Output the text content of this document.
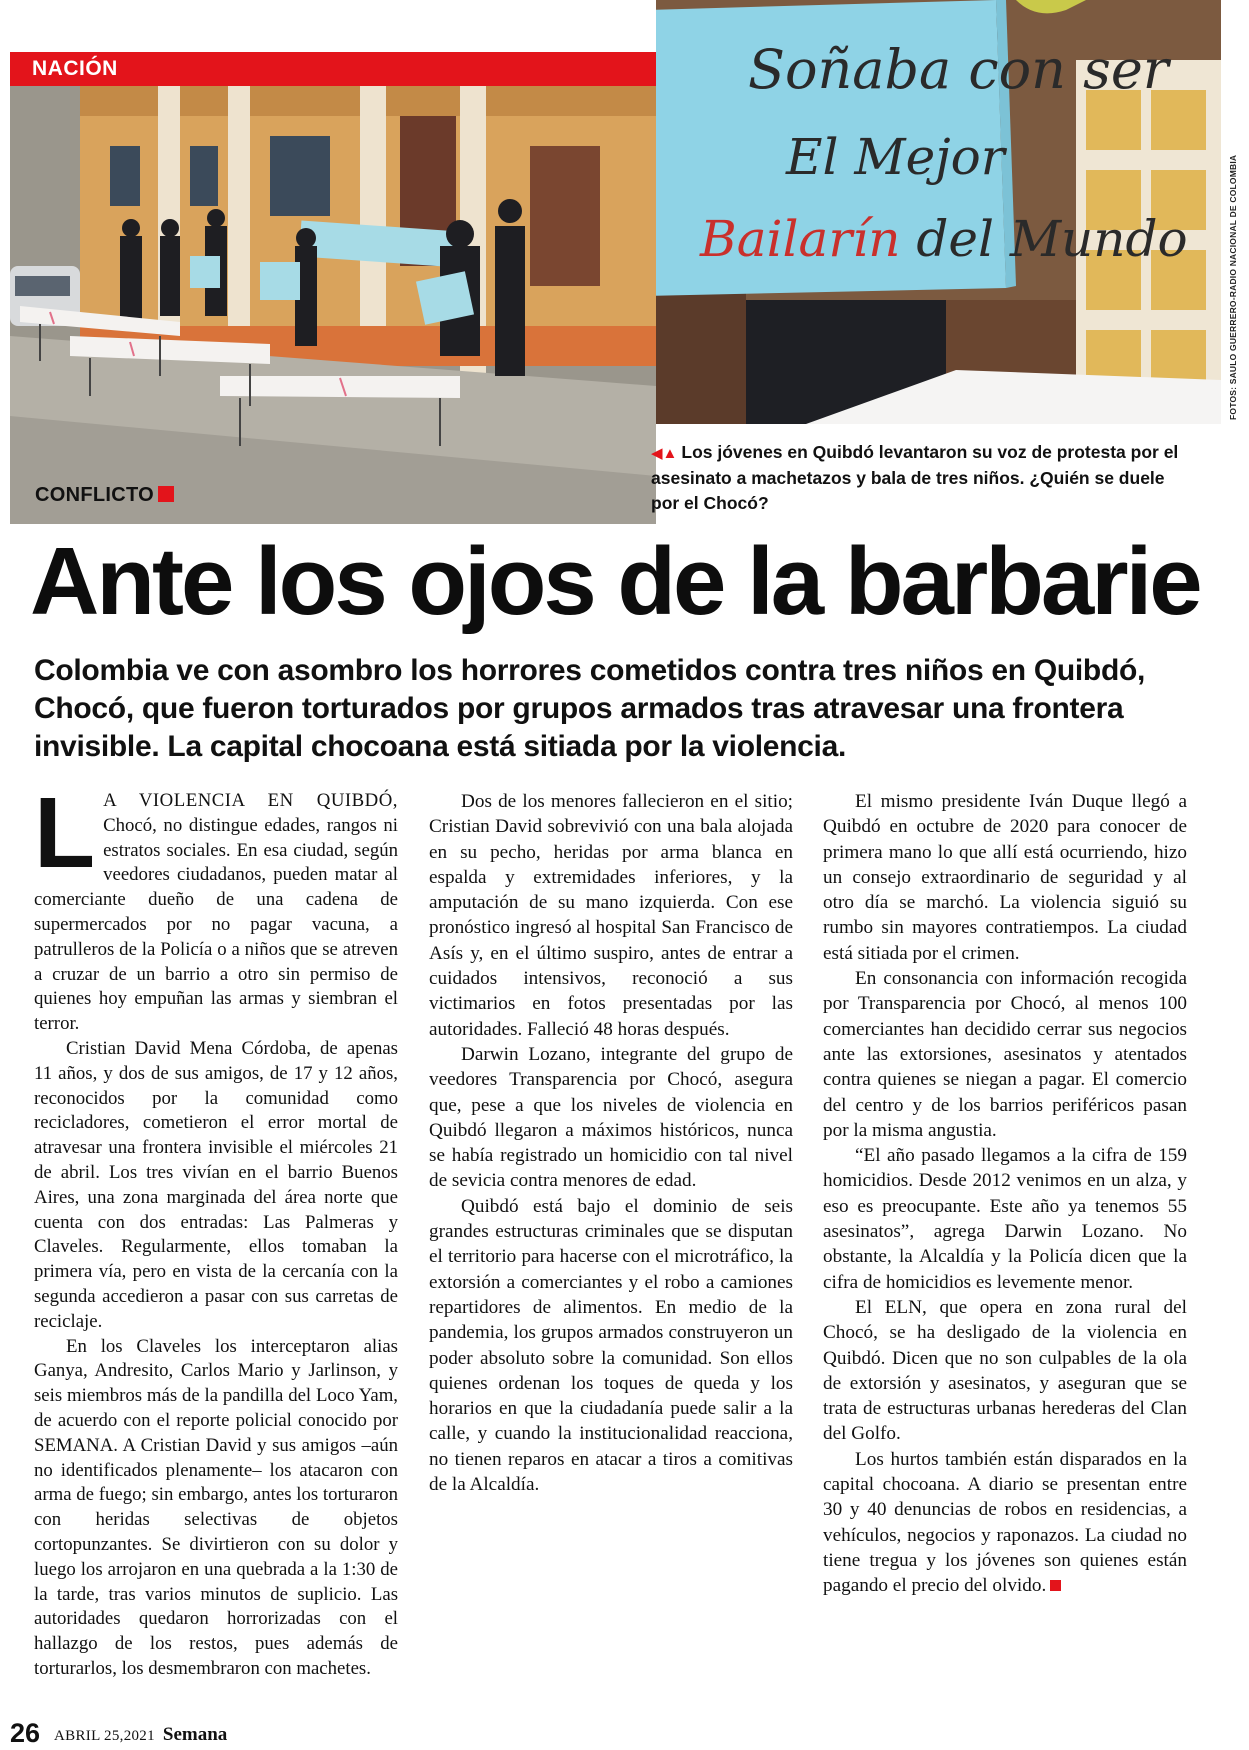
CONFLICTO
NACIÓN	Soñaba con ser
El Mejor
Bailarín del Mundo	FOTOS: SAULO GUERRERO-RADIO NACIONAL DE COLOMBIA
◀▲ Los jóvenes en Quibdó levantaron su voz de protesta por el asesinato a machetazos y bala de tres niños. ¿Quién se duele por el Chocó?
Ante los ojos de la barbarie
Colombia ve con asombro los horrores cometidos contra tres niños en Quibdó, Chocó, que fueron torturados por grupos armados tras atravesar una frontera invisible. La capital chocoana está sitiada por la violencia.

L A VIOLENCIA EN QUIBDÓ, Chocó, no distingue edades, rangos ni estratos sociales. En esa ciudad, según veedores ciudadanos, pueden matar al comerciante dueño de una cadena de supermercados por no pagar vacuna, a patrulleros de la Policía o a niños que se atreven a cruzar de un barrio a otro sin permiso de quienes hoy empuñan las armas y siembran el terror.

Cristian David Mena Córdoba, de apenas 11 años, y dos de sus amigos, de 17 y 12 años, reconocidos por la comunidad como recicladores, cometieron el error mortal de atravesar una frontera invisible el miércoles 21 de abril. Los tres vivían en el barrio Buenos Aires, una zona marginada del área norte que cuenta con dos entradas: Las Palmeras y Claveles. Regularmente, ellos tomaban la primera vía, pero en vista de la cercanía con la segunda accedieron a pasar con sus carretas de reciclaje.

En los Claveles los interceptaron alias Ganya, Andresito, Carlos Mario y Jarlinson, y seis miembros más de la pandilla del Loco Yam, de acuerdo con el reporte policial conocido por SEMANA. A Cristian David y sus amigos –aún no identificados plenamente– los atacaron con arma de fuego; sin embargo, antes los torturaron con heridas selectivas de objetos cortopunzantes. Se divirtieron con su dolor y luego los arrojaron en una quebrada a la 1:30 de la tarde, tras varios minutos de suplicio. Las autoridades quedaron horrorizadas con el hallazgo de los restos, pues además de torturarlos, los desmembraron con machetes.

Dos de los menores fallecieron en el sitio; Cristian David sobrevivió con una bala alojada en su pecho, heridas por arma blanca en espalda y extremidades inferiores, y la amputación de su mano izquierda. Con ese pronóstico ingresó al hospital San Francisco de Asís y, en el último suspiro, antes de entrar a cuidados intensivos, reconoció a sus victimarios en fotos presentadas por las autoridades. Falleció 48 horas después.

Darwin Lozano, integrante del grupo de veedores Transparencia por Chocó, asegura que, pese a que los niveles de violencia en Quibdó llegaron a máximos históricos, nunca se había registrado un homicidio con tal nivel de sevicia contra menores de edad.

Quibdó está bajo el dominio de seis grandes estructuras criminales que se disputan el territorio para hacerse con el microtráfico, la extorsión a comerciantes y el robo a camiones repartidores de alimentos. En medio de la pandemia, los grupos armados construyeron un poder absoluto sobre la comunidad. Son ellos quienes ordenan los toques de queda y los horarios en que la ciudadanía puede salir a la calle, y cuando la institucionalidad reacciona, no tienen reparos en atacar a tiros a comitivas de la Alcaldía.

El mismo presidente Iván Duque llegó a Quibdó en octubre de 2020 para conocer de primera mano lo que allí está ocurriendo, hizo un consejo extraordinario de seguridad y al otro día se marchó. La violencia siguió su rumbo sin mayores contratiempos. La ciudad está sitiada por el crimen.

En consonancia con información recogida por Transparencia por Chocó, al menos 100 comerciantes han decidido cerrar sus negocios ante las extorsiones, asesinatos y atentados contra quienes se niegan a pagar. El comercio del centro y de los barrios periféricos pasan por la misma angustia.

“El año pasado llegamos a la cifra de 159 homicidios. Desde 2012 venimos en un alza, y eso es preocupante. Este año ya tenemos 55 asesinatos”, agrega Darwin Lozano. No obstante, la Alcaldía y la Policía dicen que la cifra de homicidios es levemente menor.

El ELN, que opera en zona rural del Chocó, se ha desligado de la violencia en Quibdó. Dicen que no son culpables de la ola de extorsión y asesinatos, y aseguran que se trata de estructuras urbanas herederas del Clan del Golfo.

Los hurtos también están disparados en la capital chocoana. A diario se presentan entre 30 y 40 denuncias de robos en residencias, a vehículos, negocios y raponazos. La ciudad no tiene tregua y los jóvenes son quienes están pagando el precio del olvido.

26 ABRIL 25,2021 Semana
